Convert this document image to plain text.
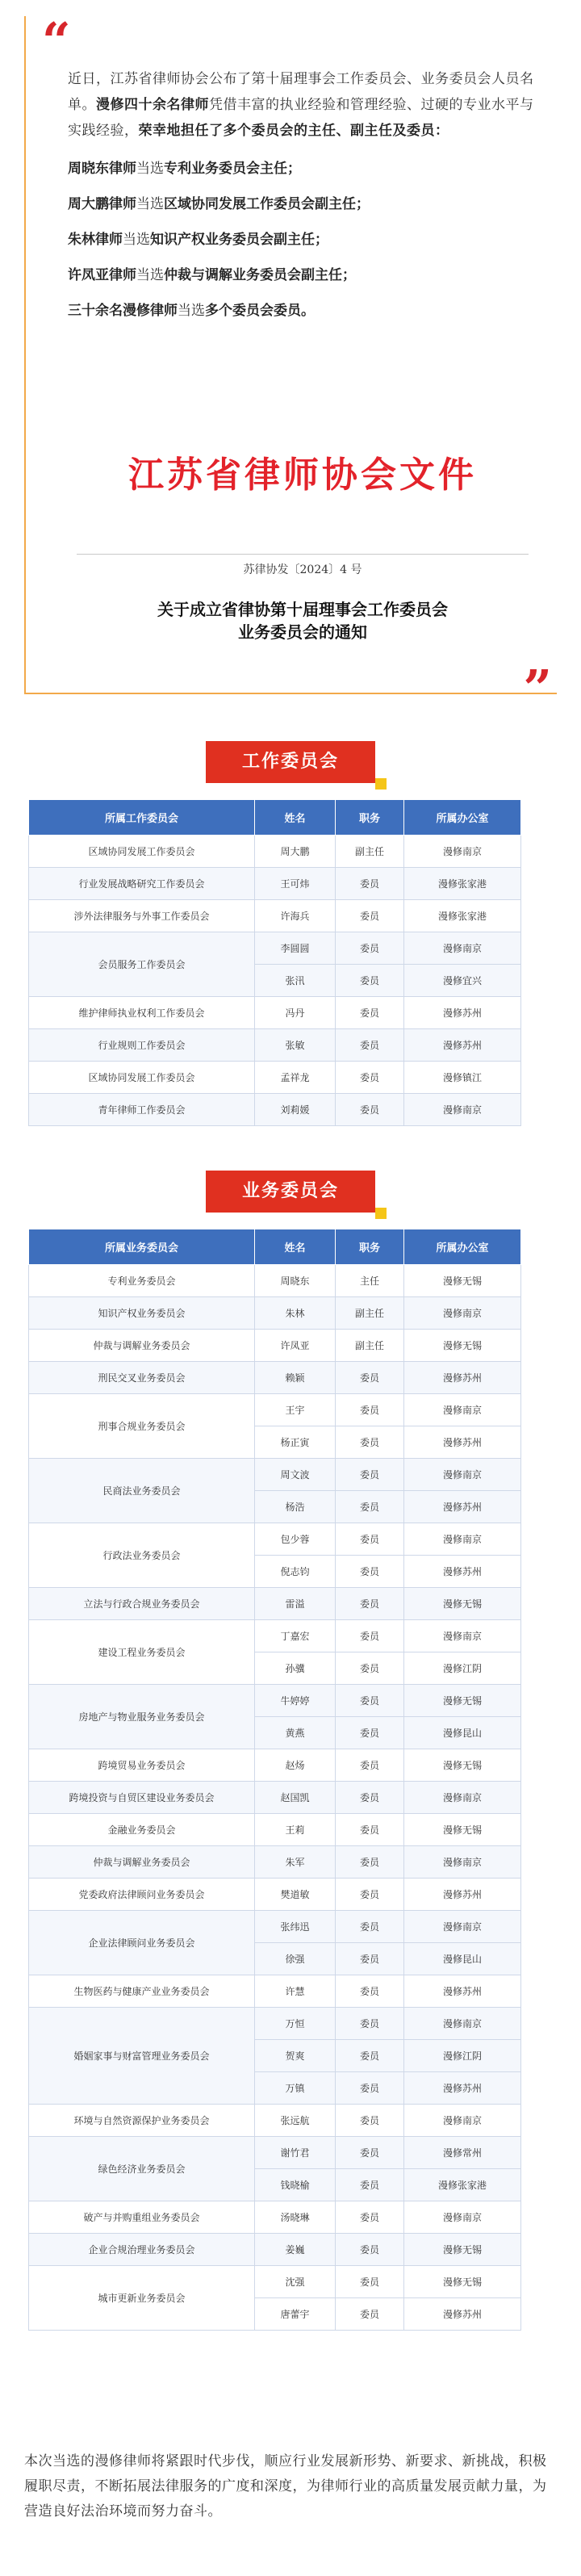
“

近日，江苏省律师协会公布了第十届理事会工作委员会、业务委员会人员名单。漫修四十余名律师凭借丰富的执业经验和管理经验、过硬的专业水平与实践经验，荣幸地担任了多个委员会的主任、副主任及委员：

周晓东律师当选专利业务委员会主任；

周大鹏律师当选区域协同发展工作委员会副主任；

朱林律师当选知识产权业务委员会副主任；

许凤亚律师当选仲裁与调解业务委员会副主任；

三十余名漫修律师当选多个委员会委员。

江苏省律师协会文件
苏律协发〔2024〕4 号
关于成立省律协第十届理事会工作委员会
业务委员会的通知
”
工作委员会
所属工作委员会	姓名	职务	所属办公室
区域协同发展工作委员会	周大鹏	副主任	漫修南京
行业发展战略研究工作委员会	王可炜	委员	漫修张家港
涉外法律服务与外事工作委员会	许海兵	委员	漫修张家港
会员服务工作委员会	李圆圆	委员	漫修南京
	张汛	委员	漫修宜兴
维护律师执业权利工作委员会	冯丹	委员	漫修苏州
行业规则工作委员会	张敏	委员	漫修苏州
区域协同发展工作委员会	孟祥龙	委员	漫修镇江
青年律师工作委员会	刘莉媛	委员	漫修南京
业务委员会
所属业务委员会	姓名	职务	所属办公室
专利业务委员会	周晓东	主任	漫修无锡
知识产权业务委员会	朱林	副主任	漫修南京
仲裁与调解业务委员会	许凤亚	副主任	漫修无锡
刑民交叉业务委员会	赖颖	委员	漫修苏州
刑事合规业务委员会	王宇	委员	漫修南京
	杨正寅	委员	漫修苏州
民商法业务委员会	周文波	委员	漫修南京
	杨浩	委员	漫修苏州
行政法业务委员会	包少蓉	委员	漫修南京
	倪志钧	委员	漫修苏州
立法与行政合规业务委员会	雷溢	委员	漫修无锡
建设工程业务委员会	丁嘉宏	委员	漫修南京
	孙骥	委员	漫修江阴
房地产与物业服务业务委员会	牛婷婷	委员	漫修无锡
	黄燕	委员	漫修昆山
跨境贸易业务委员会	赵炀	委员	漫修无锡
跨境投资与自贸区建设业务委员会	赵国凯	委员	漫修南京
金融业务委员会	王莉	委员	漫修无锡
仲裁与调解业务委员会	朱军	委员	漫修南京
党委政府法律顾问业务委员会	樊道敏	委员	漫修苏州
企业法律顾问业务委员会	张纬迅	委员	漫修南京
	徐强	委员	漫修昆山
生物医药与健康产业业务委员会	许慧	委员	漫修苏州
婚姻家事与财富管理业务委员会	万恒	委员	漫修南京
	贺爽	委员	漫修江阴
	万镇	委员	漫修苏州
环境与自然资源保护业务委员会	张远航	委员	漫修南京
绿色经济业务委员会	谢竹君	委员	漫修常州
	钱晓榆	委员	漫修张家港
破产与并购重组业务委员会	汤晓琳	委员	漫修南京
企业合规治理业务委员会	姜巍	委员	漫修无锡
城市更新业务委员会	沈强	委员	漫修无锡
	唐蕾宇	委员	漫修苏州

本次当选的漫修律师将紧跟时代步伐，顺应行业发展新形势、新要求、新挑战，积极履职尽责，不断拓展法律服务的广度和深度，为律师行业的高质量发展贡献力量，为营造良好法治环境而努力奋斗。
